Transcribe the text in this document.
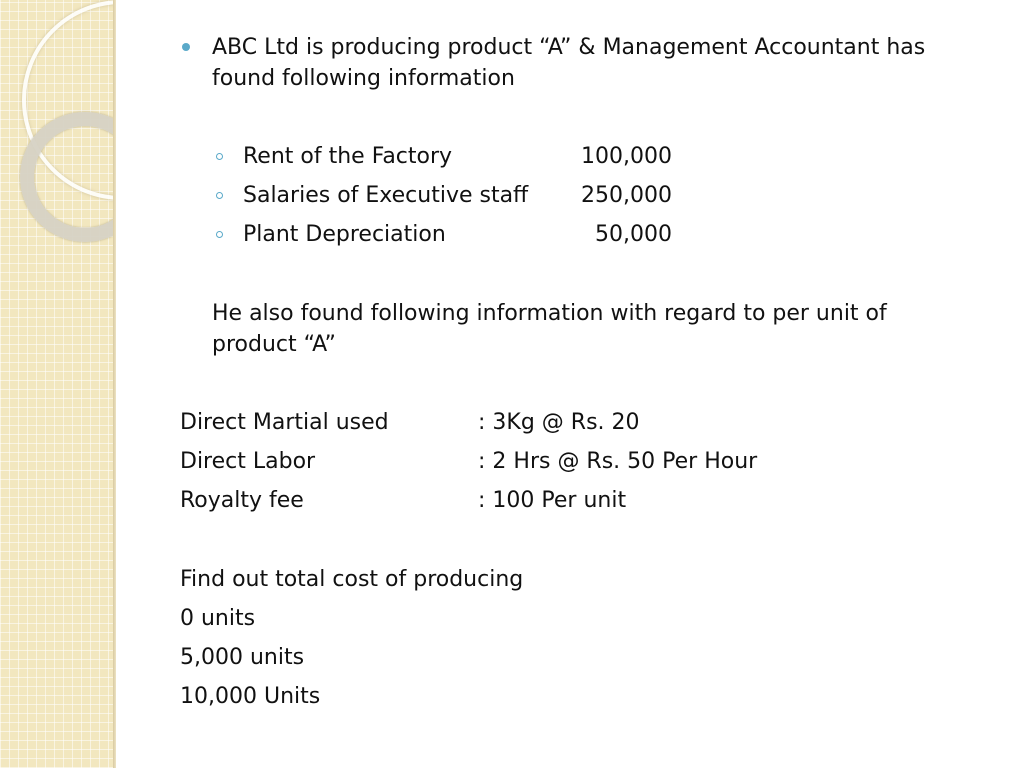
ABC Ltd is producing product “A” & Management Accountant has
found following information
Rent of the Factory	100,000
Salaries of Executive staff 250,000
Plant Depreciation	50,000
He also found following information with regard to per unit of
product “A”
Direct Martial used	: 3Kg @ Rs. 20
Direct Labor	: 2 Hrs @ Rs. 50 Per Hour
Royalty fee	: 100 Per unit
Find out total cost of producing
0 units
5,000 units
10,000 Units
